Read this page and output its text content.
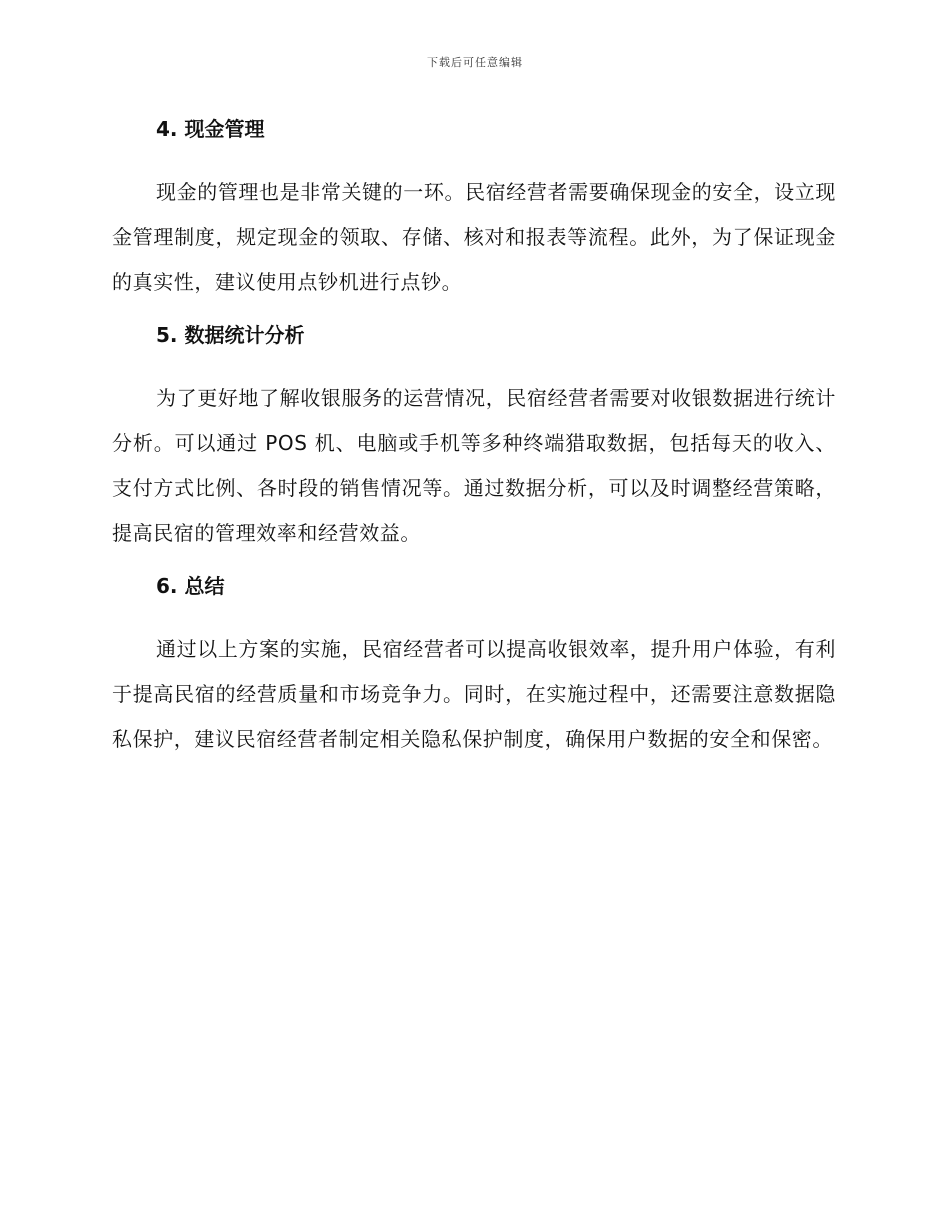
下载后可任意编辑
4. 现金管理

现金的管理也是非常关键的一环。民宿经营者需要确保现金的安全，设立现金管理制度，规定现金的领取、存储、核对和报表等流程。此外，为了保证现金的真实性，建议使用点钞机进行点钞。

5. 数据统计分析

为了更好地了解收银服务的运营情况，民宿经营者需要对收银数据进行统计分析。可以通过 POS 机、电脑或手机等多种终端猎取数据，包括每天的收入、支付方式比例、各时段的销售情况等。通过数据分析，可以及时调整经营策略，提高民宿的管理效率和经营效益。

6. 总结

通过以上方案的实施，民宿经营者可以提高收银效率，提升用户体验，有利于提高民宿的经营质量和市场竞争力。同时，在实施过程中，还需要注意数据隐私保护，建议民宿经营者制定相关隐私保护制度，确保用户数据的安全和保密。
